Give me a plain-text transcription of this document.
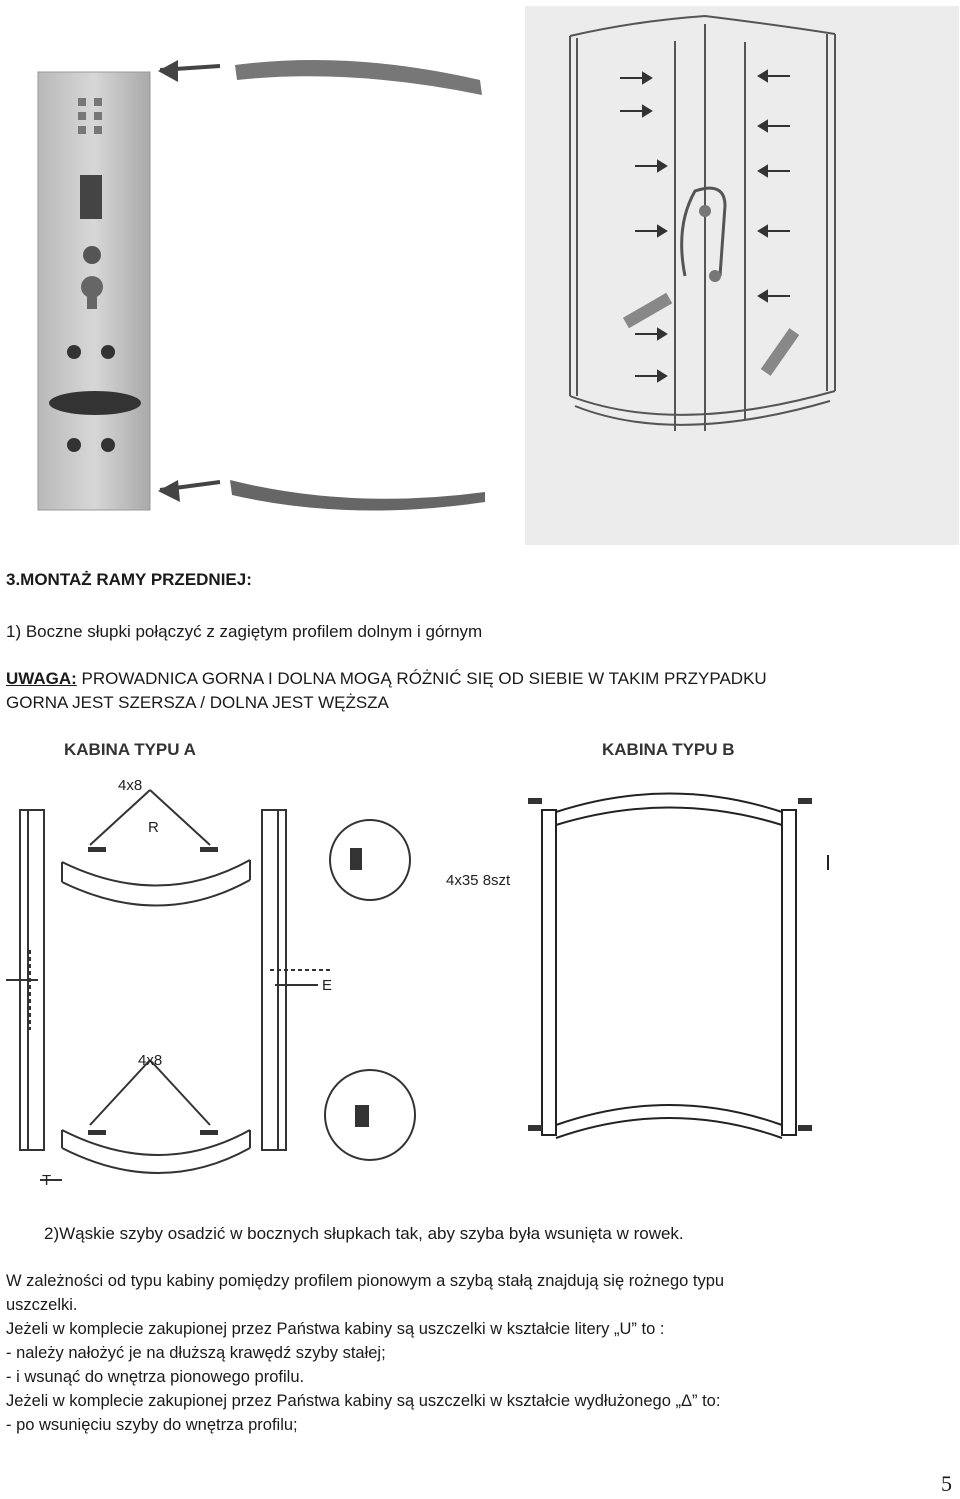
3.MONTAŻ RAMY PRZEDNIEJ:
1) Boczne słupki połączyć z zagiętym profilem dolnym i górnym
UWAGA: PROWADNICA GORNA I DOLNA MOGĄ RÓŻNIĆ SIĘ OD SIEBIE W TAKIM PRZYPADKU
GORNA JEST SZERSZA / DOLNA JEST WĘŻSZA
KABINA TYPU A	KABINA TYPU B
4x8
4x8
R
E
T
4x35 8szt
2)Wąskie szyby osadzić w bocznych słupkach tak, aby szyba była wsunięta w rowek.
W zależności od typu kabiny pomiędzy profilem pionowym a szybą stałą znajdują się rożnego typu
uszczelki.
Jeżeli w komplecie zakupionej przez Państwa kabiny są uszczelki w kształcie litery „U” to :
- należy nałożyć je na dłuższą krawędź szyby stałej;
- i wsunąć do wnętrza pionowego profilu.
Jeżeli w komplecie zakupionej przez Państwa kabiny są uszczelki w kształcie wydłużonego „Δ” to:
- po wsunięciu szyby do wnętrza profilu;
5
